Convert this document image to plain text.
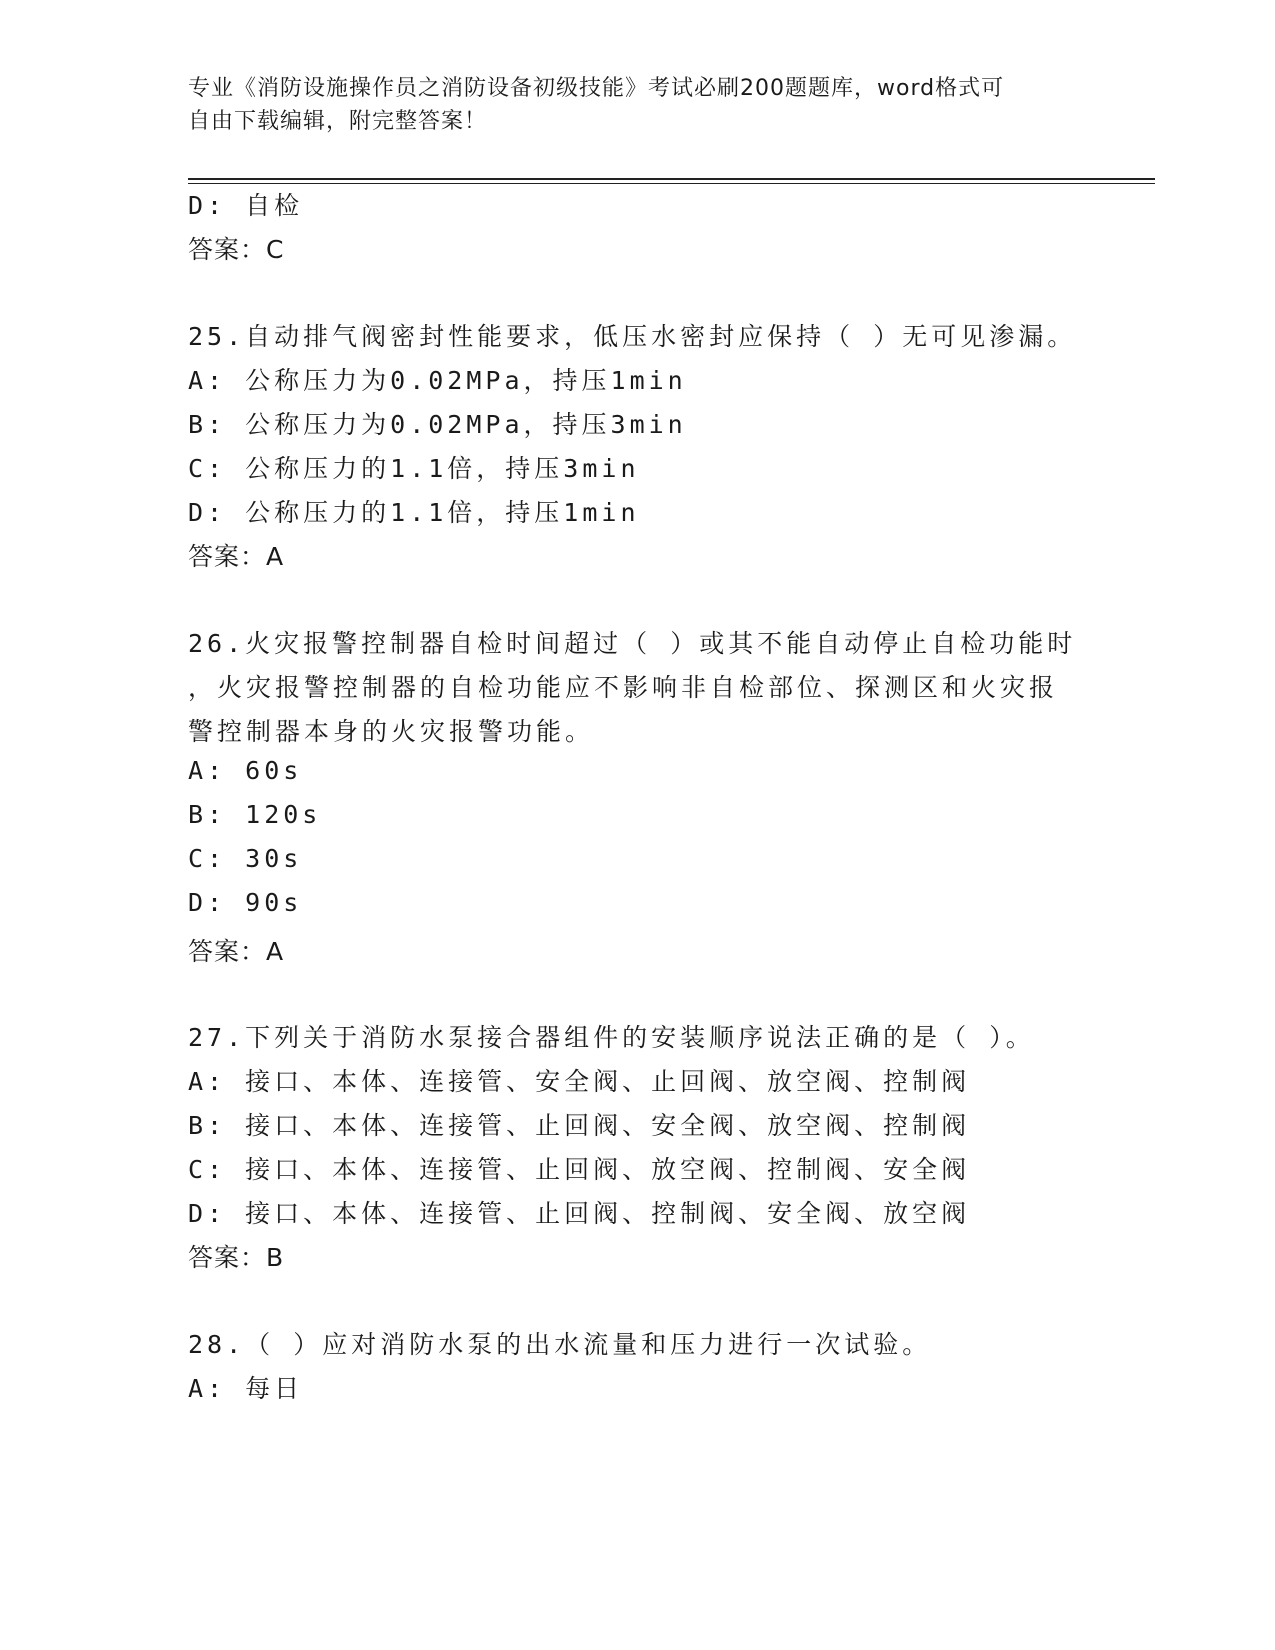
专业《消防设施操作员之消防设备初级技能》考试必刷200题题库，word格式可
自由下载编辑，附完整答案！
D: 自检
答案：C
25.自动排气阀密封性能要求，低压水密封应保持（ ）无可见渗漏。
A: 公称压力为0.02MPa，持压1min
B: 公称压力为0.02MPa，持压3min
C: 公称压力的1.1倍，持压3min
D: 公称压力的1.1倍，持压1min
答案：A
26.火灾报警控制器自检时间超过（ ）或其不能自动停止自检功能时
，火灾报警控制器的自检功能应不影响非自检部位、探测区和火灾报
警控制器本身的火灾报警功能。
A: 60s
B: 120s
C: 30s
D: 90s
答案：A
27.下列关于消防水泵接合器组件的安装顺序说法正确的是（ ）。
A: 接口、本体、连接管、安全阀、止回阀、放空阀、控制阀
B: 接口、本体、连接管、止回阀、安全阀、放空阀、控制阀
C: 接口、本体、连接管、止回阀、放空阀、控制阀、安全阀
D: 接口、本体、连接管、止回阀、控制阀、安全阀、放空阀
答案：B
28.（ ）应对消防水泵的出水流量和压力进行一次试验。
A: 每日
